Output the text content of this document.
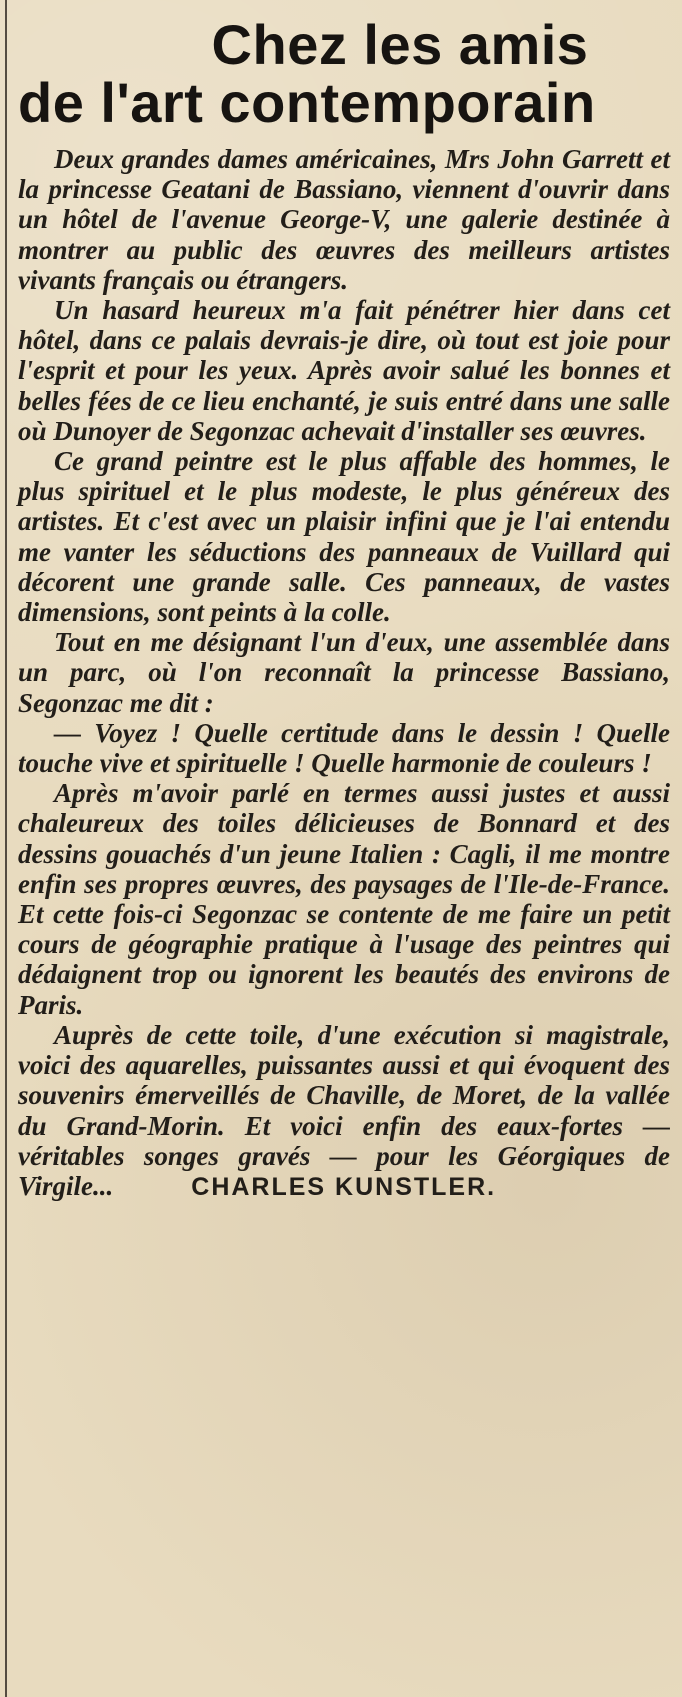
Chez les amis
de l'art contemporain

Deux grandes dames américaines, Mrs John Garrett et la princesse Geatani de Bassiano, viennent d'ouvrir dans un hôtel de l'avenue George-V, une galerie destinée à montrer au public des œuvres des meilleurs artistes vivants français ou étrangers.

Un hasard heureux m'a fait pénétrer hier dans cet hôtel, dans ce palais devrais-je dire, où tout est joie pour l'esprit et pour les yeux. Après avoir salué les bonnes et belles fées de ce lieu enchanté, je suis entré dans une salle où Dunoyer de Segonzac achevait d'installer ses œuvres.

Ce grand peintre est le plus affable des hommes, le plus spirituel et le plus modeste, le plus généreux des artistes. Et c'est avec un plaisir infini que je l'ai entendu me vanter les séductions des panneaux de Vuillard qui décorent une grande salle. Ces panneaux, de vastes dimensions, sont peints à la colle.

Tout en me désignant l'un d'eux, une assemblée dans un parc, où l'on reconnaît la princesse Bassiano, Segonzac me dit :

— Voyez ! Quelle certitude dans le dessin ! Quelle touche vive et spirituelle ! Quelle harmonie de couleurs !

Après m'avoir parlé en termes aussi justes et aussi chaleureux des toiles délicieuses de Bonnard et des dessins gouachés d'un jeune Italien : Cagli, il me montre enfin ses propres œuvres, des paysages de l'Ile-de-France. Et cette fois-ci Segonzac se contente de me faire un petit cours de géographie pratique à l'usage des peintres qui dédaignent trop ou ignorent les beautés des environs de Paris.

Auprès de cette toile, d'une exécution si magistrale, voici des aquarelles, puissantes aussi et qui évoquent des souvenirs émerveillés de Chaville, de Moret, de la vallée du Grand-Morin. Et voici enfin des eaux-fortes — véritables songes gravés — pour les Géorgiques de Virgile...	CHARLES KUNSTLER.
